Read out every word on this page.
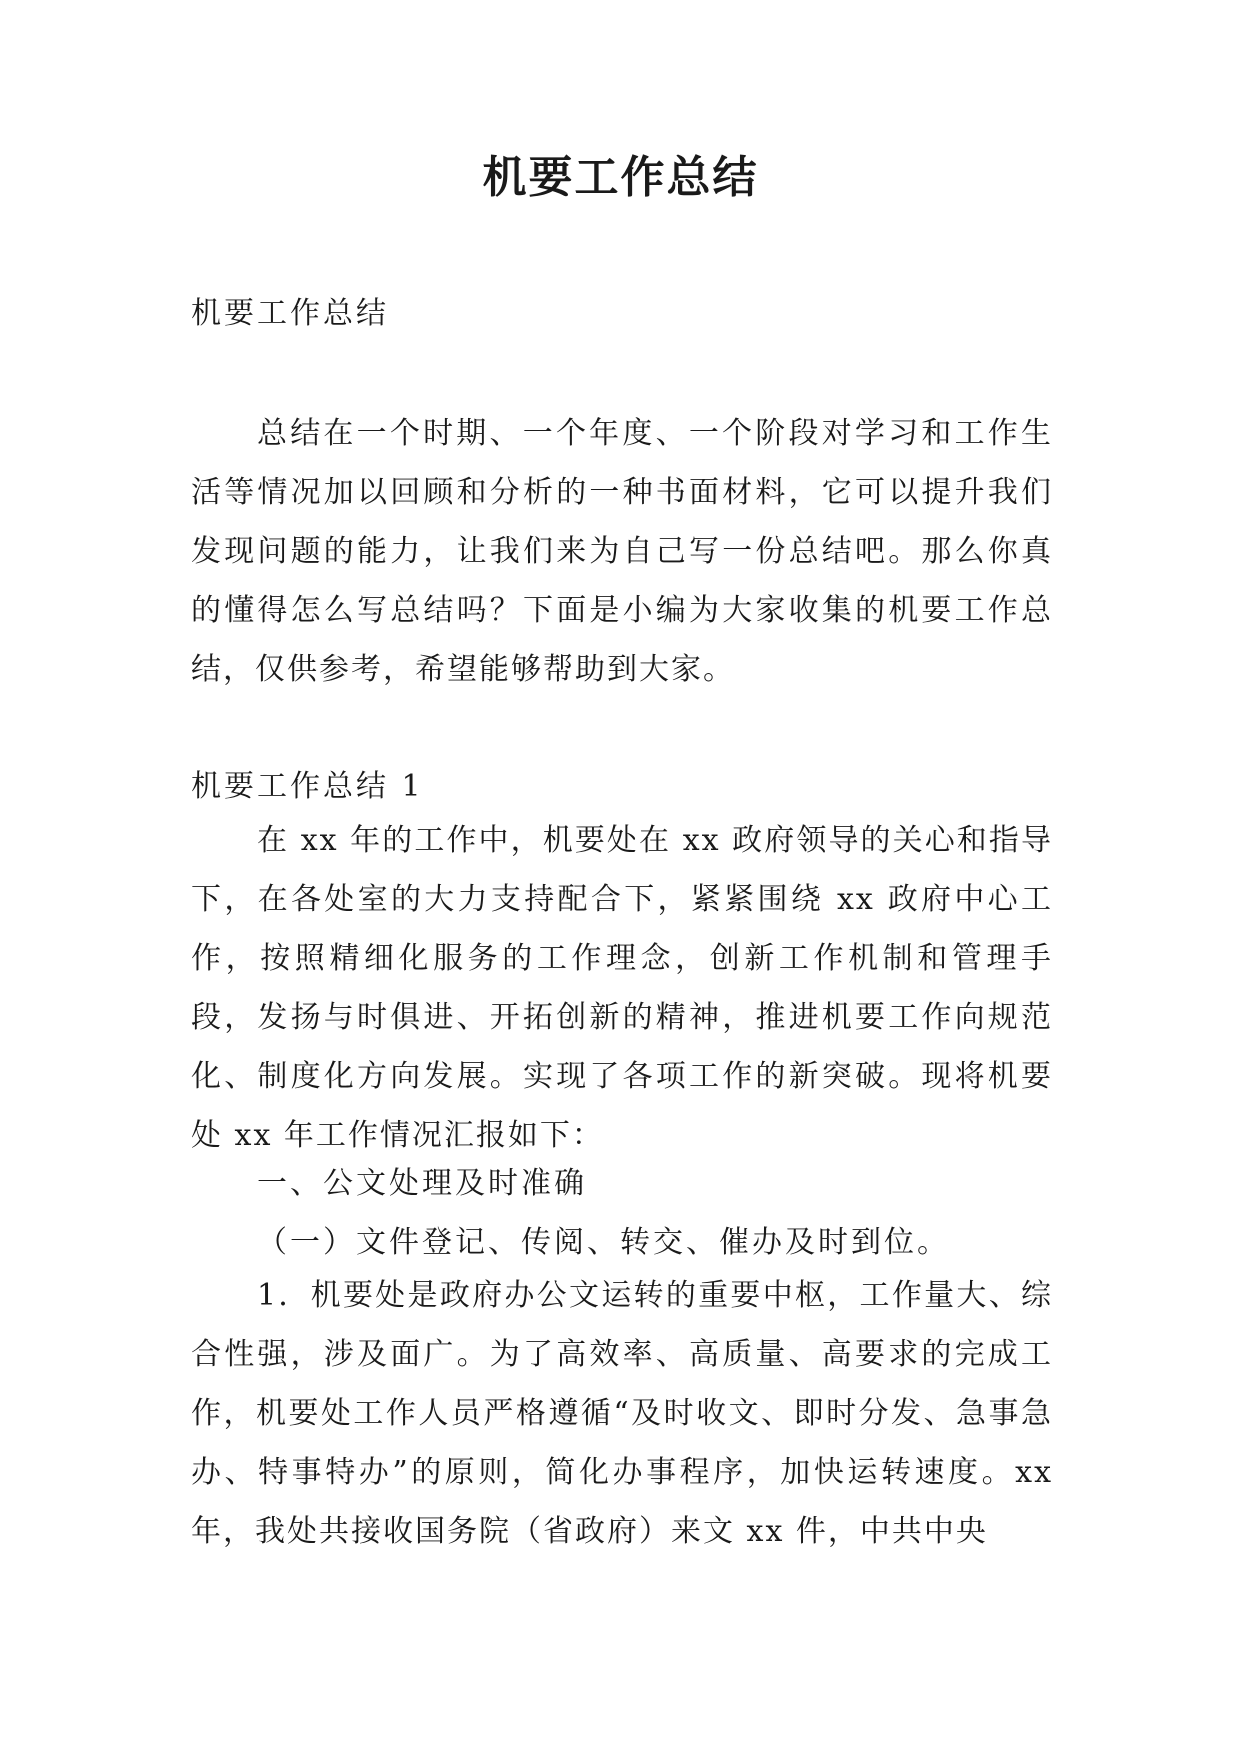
机要工作总结

机要工作总结

总结在一个时期、一个年度、一个阶段对学习和工作生活等情况加以回顾和分析的一种书面材料，它可以提升我们发现问题的能力，让我们来为自己写一份总结吧。那么你真的懂得怎么写总结吗？下面是小编为大家收集的机要工作总结，仅供参考，希望能够帮助到大家。

机要工作总结 1

在 xx 年的工作中，机要处在 xx 政府领导的关心和指导下，在各处室的大力支持配合下，紧紧围绕 xx 政府中心工作，按照精细化服务的工作理念，创新工作机制和管理手段，发扬与时俱进、开拓创新的精神，推进机要工作向规范化、制度化方向发展。实现了各项工作的新突破。现将机要处 xx 年工作情况汇报如下：

一、公文处理及时准确

（一）文件登记、传阅、转交、催办及时到位。

1．机要处是政府办公文运转的重要中枢，工作量大、综合性强，涉及面广。为了高效率、高质量、高要求的完成工作，机要处工作人员严格遵循“及时收文、即时分发、急事急办、特事特办”的原则，简化办事程序，加快运转速度。xx 年，我处共接收国务院（省政府）来文 xx 件，中共中央
